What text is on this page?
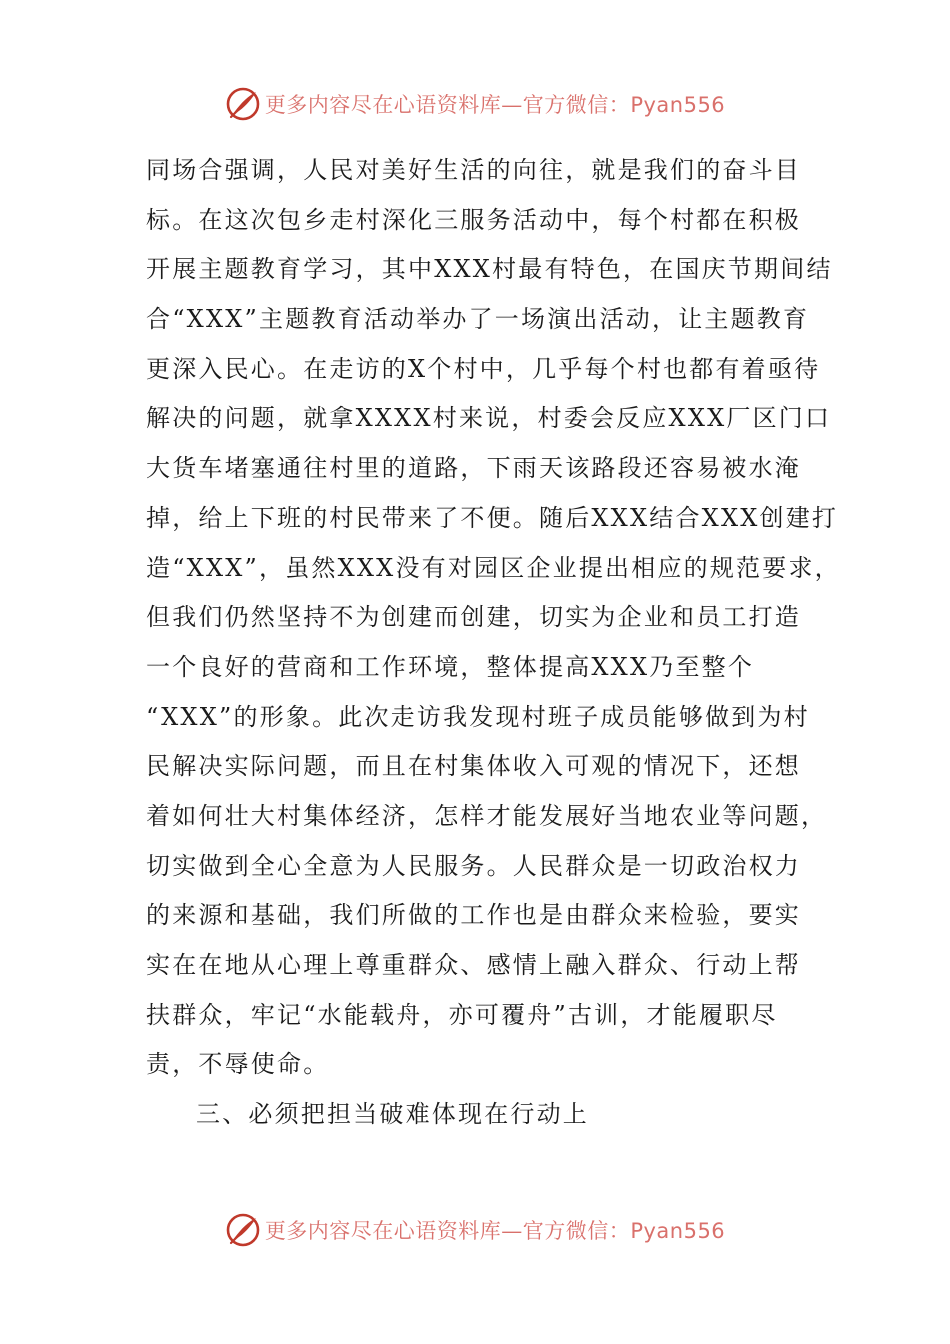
更多内容尽在心语资料库—官方微信：Pyan556
同场合强调，人民对美好生活的向往，就是我们的奋斗目
标。在这次包乡走村深化三服务活动中，每个村都在积极
开展主题教育学习，其中XXX村最有特色，在国庆节期间结
合“XXX”主题教育活动举办了一场演出活动，让主题教育
更深入民心。在走访的X个村中，几乎每个村也都有着亟待
解决的问题，就拿XXXX村来说，村委会反应XXX厂区门口
大货车堵塞通往村里的道路，下雨天该路段还容易被水淹
掉，给上下班的村民带来了不便。随后XXX结合XXX创建打
造“XXX”，虽然XXX没有对园区企业提出相应的规范要求，
但我们仍然坚持不为创建而创建，切实为企业和员工打造
一个良好的营商和工作环境，整体提高XXX乃至整个
“XXX”的形象。此次走访我发现村班子成员能够做到为村
民解决实际问题，而且在村集体收入可观的情况下，还想
着如何壮大村集体经济，怎样才能发展好当地农业等问题，
切实做到全心全意为人民服务。人民群众是一切政治权力
的来源和基础，我们所做的工作也是由群众来检验，要实
实在在地从心理上尊重群众、感情上融入群众、行动上帮
扶群众，牢记“水能载舟，亦可覆舟”古训，才能履职尽
责，不辱使命。
三、必须把担当破难体现在行动上
更多内容尽在心语资料库—官方微信：Pyan556
